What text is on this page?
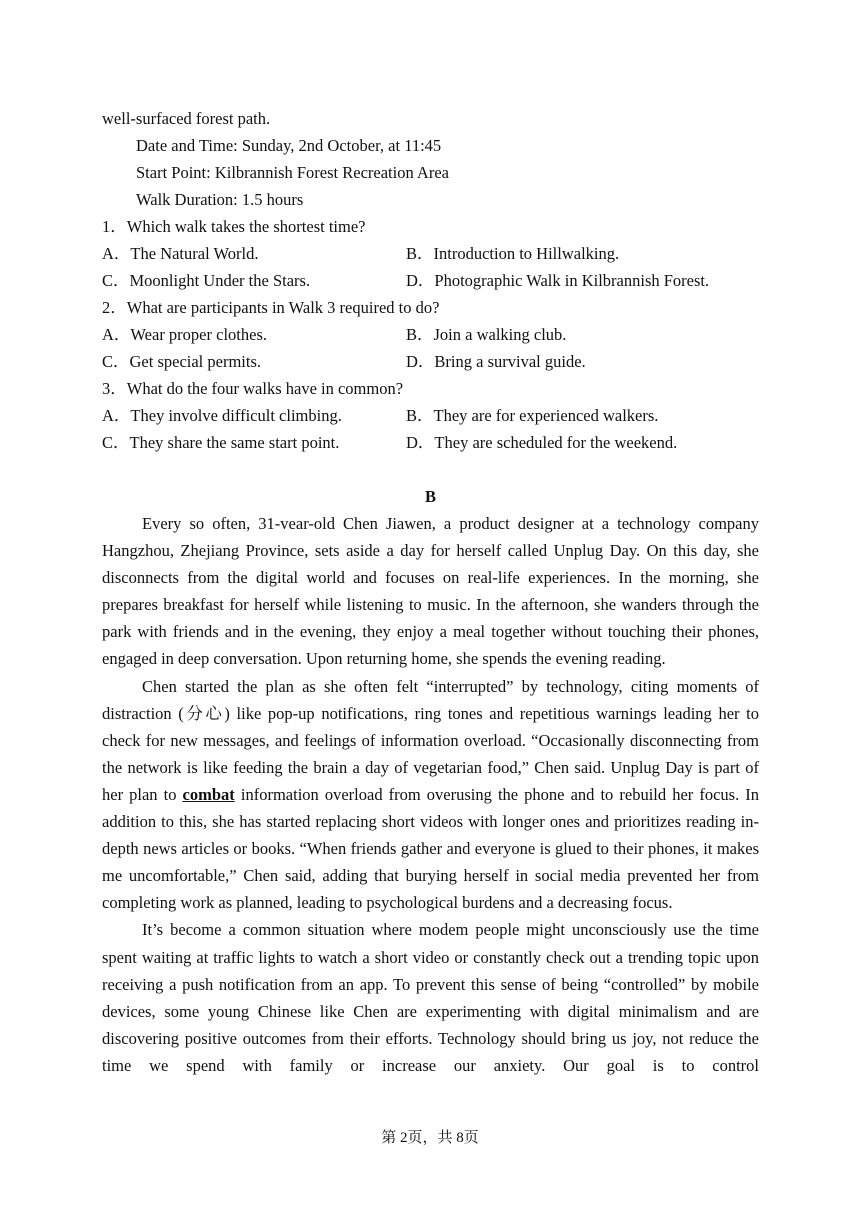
well-surfaced forest path.
Date and Time: Sunday, 2nd October, at 11:45
Start Point: Kilbrannish Forest Recreation Area
Walk Duration: 1.5 hours
1．Which walk takes the shortest time?
A．The Natural World.	B．Introduction to Hillwalking.
C．Moonlight Under the Stars.	D．Photographic Walk in Kilbrannish Forest.
2．What are participants in Walk 3 required to do?
A．Wear proper clothes.	B．Join a walking club.
C．Get special permits.	D．Bring a survival guide.
3．What do the four walks have in common?
A．They involve difficult climbing.	B．They are for experienced walkers.
C．They share the same start point.	D．They are scheduled for the weekend.
B

Every so often, 31-vear-old Chen Jiawen, a product designer at a technology company Hangzhou, Zhejiang Province, sets aside a day for herself called Unplug Day. On this day, she disconnects from the digital world and focuses on real-life experiences. In the morning, she prepares breakfast for herself while listening to music. In the afternoon, she wanders through the park with friends and in the evening, they enjoy a meal together without touching their phones, engaged in deep conversation. Upon returning home, she spends the evening reading.

Chen started the plan as she often felt “interrupted” by technology, citing moments of distraction (分心) like pop-up notifications, ring tones and repetitious warnings leading her to check for new messages, and feelings of information overload. “Occasionally disconnecting from the network is like feeding the brain a day of vegetarian food,” Chen said. Unplug Day is part of her plan to combat information overload from overusing the phone and to rebuild her focus. In addition to this, she has started replacing short videos with longer ones and prioritizes reading in-depth news articles or books. “When friends gather and everyone is glued to their phones, it makes me uncomfortable,” Chen said, adding that burying herself in social media prevented her from completing work as planned, leading to psychological burdens and a decreasing focus.

It’s become a common situation where modem people might unconsciously use the time spent waiting at traffic lights to watch a short video or constantly check out a trending topic upon receiving a push notification from an app. To prevent this sense of being “controlled” by mobile devices, some young Chinese like Chen are experimenting with digital minimalism and are discovering positive outcomes from their efforts. Technology should bring us joy, not reduce the time we spend with family or increase our anxiety. Our goal is to control

第 2页，共 8页
